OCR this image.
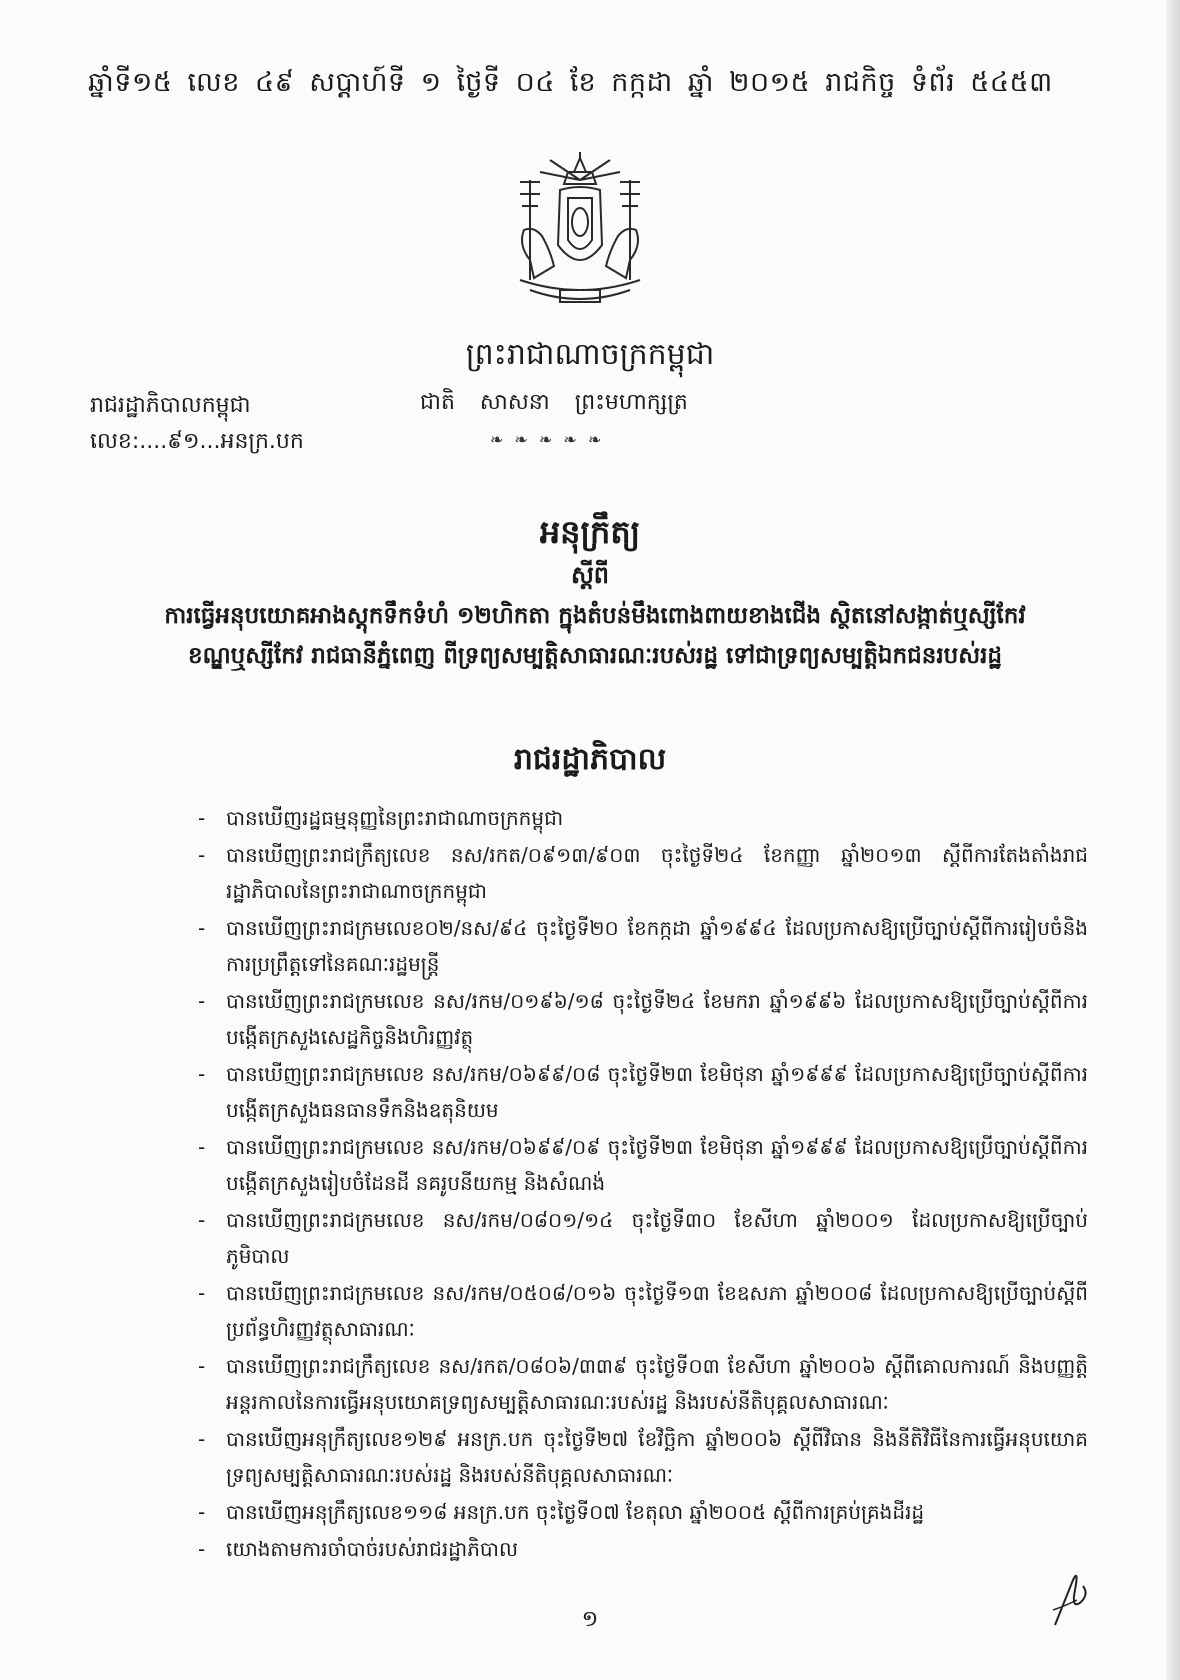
ឆ្នាំទី១៥ លេខ ៤៩ សប្តាហ៍ទី ១ ថ្ងៃទី ០៤ ខែ កក្កដា ឆ្នាំ ២០១៥ រាជកិច្ច ទំព័រ ៥៤៥៣
ព្រះរាជាណាចក្រកម្ពុជា
រាជរដ្ឋាភិបាលកម្ពុជា
លេខ:....៩១...អនក្រ.បក
ជាតិ សាសនា ព្រះមហាក្សត្រ
❧ ❧ ❧ ❧ ❧
អនុក្រឹត្យ
ស្តីពី
ការធ្វើអនុបយោគអាងស្តុកទឹកទំហំ ១២ហិកតា ក្នុងតំបន់មឹងពោងពាយខាងជើង ស្ថិតនៅសង្កាត់ឬស្សីកែវ ខណ្ឌឬស្សីកែវ រាជធានីភ្នំពេញ ពីទ្រព្យសម្បត្តិសាធារណៈរបស់រដ្ឋ ទៅជាទ្រព្យសម្បត្តិឯកជនរបស់រដ្ឋ
រាជរដ្ឋាភិបាល
- បានឃើញរដ្ឋធម្មនុញ្ញនៃព្រះរាជាណាចក្រកម្ពុជា
- បានឃើញព្រះរាជក្រឹត្យលេខ នស/រកត/០៩១៣/៩០៣ ចុះថ្ងៃទី២៤ ខែកញ្ញា ឆ្នាំ២០១៣ ស្តីពីការតែងតាំងរាជរដ្ឋាភិបាលនៃព្រះរាជាណាចក្រកម្ពុជា
- បានឃើញព្រះរាជក្រមលេខ០២/នស/៩៤ ចុះថ្ងៃទី២០ ខែកក្កដា ឆ្នាំ១៩៩៤ ដែលប្រកាសឱ្យប្រើច្បាប់ស្តីពីការរៀបចំនិងការប្រព្រឹត្តទៅនៃគណៈរដ្ឋមន្ត្រី
- បានឃើញព្រះរាជក្រមលេខ នស/រកម/០១៩៦/១៨ ចុះថ្ងៃទី២៤ ខែមករា ឆ្នាំ១៩៩៦ ដែលប្រកាសឱ្យប្រើច្បាប់ស្តីពីការបង្កើតក្រសួងសេដ្ឋកិច្ចនិងហិរញ្ញវត្ថុ
- បានឃើញព្រះរាជក្រមលេខ នស/រកម/០៦៩៩/០៨ ចុះថ្ងៃទី២៣ ខែមិថុនា ឆ្នាំ១៩៩៩ ដែលប្រកាសឱ្យប្រើច្បាប់ស្តីពីការបង្កើតក្រសួងធនធានទឹកនិងឧតុនិយម
- បានឃើញព្រះរាជក្រមលេខ នស/រកម/០៦៩៩/០៩ ចុះថ្ងៃទី២៣ ខែមិថុនា ឆ្នាំ១៩៩៩ ដែលប្រកាសឱ្យប្រើច្បាប់ស្តីពីការបង្កើតក្រសួងរៀបចំដែនដី នគរូបនីយកម្ម និងសំណង់
- បានឃើញព្រះរាជក្រមលេខ នស/រកម/០៨០១/១៤ ចុះថ្ងៃទី៣០ ខែសីហា ឆ្នាំ២០០១ ដែលប្រកាសឱ្យប្រើច្បាប់ភូមិបាល
- បានឃើញព្រះរាជក្រមលេខ នស/រកម/០៥០៨/០១៦ ចុះថ្ងៃទី១៣ ខែឧសភា ឆ្នាំ២០០៨ ដែលប្រកាសឱ្យប្រើច្បាប់ស្តីពីប្រព័ន្ធហិរញ្ញវត្ថុសាធារណៈ
- បានឃើញព្រះរាជក្រឹត្យលេខ នស/រកត/០៨០៦/៣៣៩ ចុះថ្ងៃទី០៣ ខែសីហា ឆ្នាំ២០០៦ ស្តីពីគោលការណ៍ និងបញ្ញត្តិអន្តរកាលនៃការធ្វើអនុបយោគទ្រព្យសម្បត្តិសាធារណៈរបស់រដ្ឋ និងរបស់នីតិបុគ្គលសាធារណៈ
- បានឃើញអនុក្រឹត្យលេខ១២៩ អនក្រ.បក ចុះថ្ងៃទី២៧ ខែវិច្ឆិកា ឆ្នាំ២០០៦ ស្តីពីវិធាន និងនីតិវិធីនៃការធ្វើអនុបយោគទ្រព្យសម្បត្តិសាធារណៈរបស់រដ្ឋ និងរបស់នីតិបុគ្គលសាធារណៈ
- បានឃើញអនុក្រឹត្យលេខ១១៨ អនក្រ.បក ចុះថ្ងៃទី០៧ ខែតុលា ឆ្នាំ២០០៥ ស្តីពីការគ្រប់គ្រងដីរដ្ឋ
- យោងតាមការចាំបាច់របស់រាជរដ្ឋាភិបាល
១
